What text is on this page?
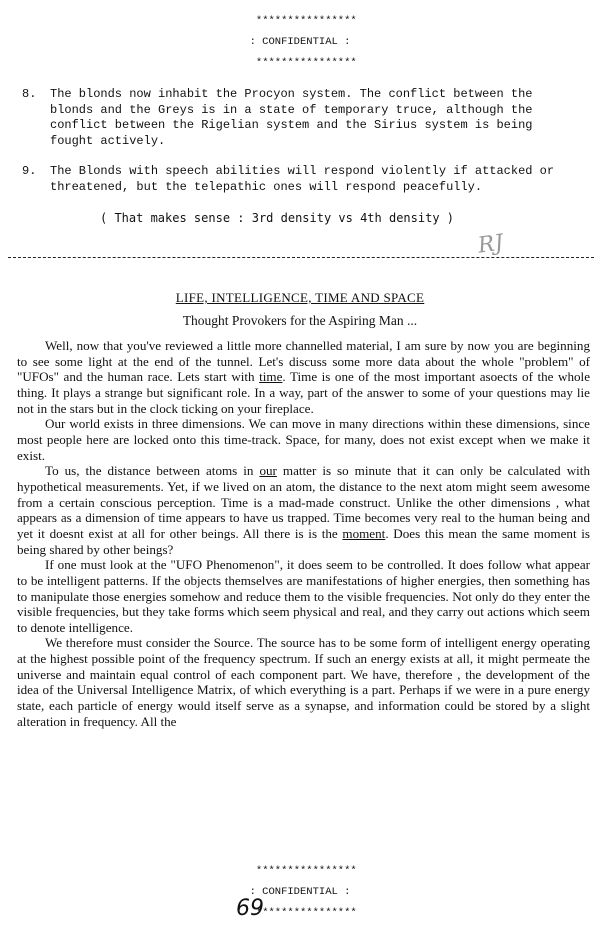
****************

: CONFIDENTIAL :

****************

8.	The blonds now inhabit the Procyon system. The conflict between the blonds and the Greys is in a state of temporary truce, although the conflict between the Rigelian system and the Sirius system is being fought actively.
9.	The Blonds with speech abilities will respond violently if attacked or threatened, but the telepathic ones will respond peacefully.
( That makes sense : 3rd density vs 4th density )
RJ
LIFE, INTELLIGENCE, TIME AND SPACE
Thought Provokers for the Aspiring Man ...

Well, now that you've reviewed a little more channelled material, I am sure by now you are beginning to see some light at the end of the tunnel. Let's discuss some more data about the whole "problem" of "UFOs" and the human race. Lets start with time. Time is one of the most important asoects of the whole thing. It plays a strange but significant role. In a way, part of the answer to some of your questions may lie not in the stars but in the clock ticking on your fireplace.

Our world exists in three dimensions. We can move in many directions within these dimensions, since most people here are locked onto this time-track. Space, for many, does not exist except when we make it exist.

To us, the distance between atoms in our matter is so minute that it can only be calculated with hypothetical measurements. Yet, if we lived on an atom, the distance to the next atom might seem awesome from a certain conscious perception. Time is a mad-made construct. Unlike the other dimensions , what appears as a dimension of time appears to have us trapped. Time becomes very real to the human being and yet it doesnt exist at all for other beings. All there is is the moment. Does this mean the same moment is being shared by other beings?

If one must look at the "UFO Phenomenon", it does seem to be controlled. It does follow what appear to be intelligent patterns. If the objects themselves are manifestations of higher energies, then something has to manipulate those energies somehow and reduce them to the visible frequencies. Not only do they enter the visible frequencies, but they take forms which seem physical and real, and they carry out actions which seem to denote intelligence.

We therefore must consider the Source. The source has to be some form of intelligent energy operating at the highest possible point of the frequency spectrum. If such an energy exists at all, it might permeate the universe and maintain equal control of each component part. We have, therefore , the development of the idea of the Universal Intelligence Matrix, of which everything is a part. Perhaps if we were in a pure energy state, each particle of energy would itself serve as a synapse, and information could be stored by a slight alteration in frequency. All the

****************

: CONFIDENTIAL :

****************

69
